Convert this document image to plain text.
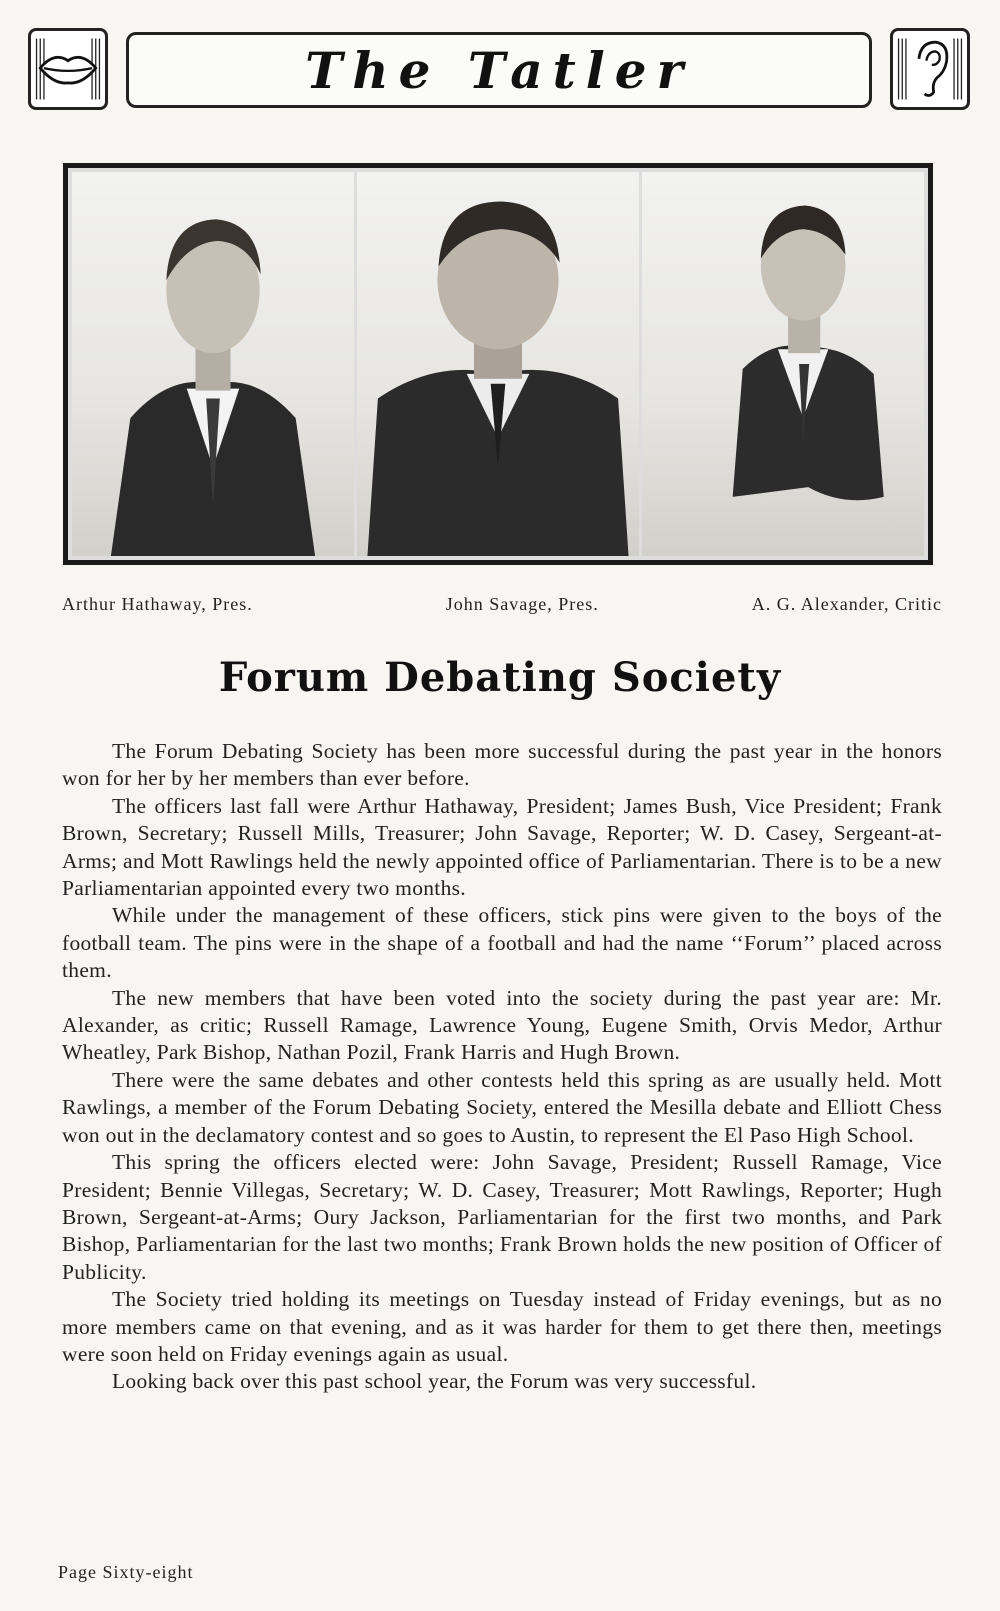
The Tatler
Arthur Hathaway, Pres.	John Savage, Pres.	A. G. Alexander, Critic
Forum Debating Society

The Forum Debating Society has been more successful during the past year in the honors won for her by her members than ever before.

The officers last fall were Arthur Hathaway, President; James Bush, Vice President; Frank Brown, Secretary; Russell Mills, Treasurer; John Savage, Reporter; W. D. Casey, Sergeant-at-Arms; and Mott Rawlings held the newly appointed office of Parliamentarian. There is to be a new Parliamentarian appointed every two months.

While under the management of these officers, stick pins were given to the boys of the football team. The pins were in the shape of a football and had the name ‘‘Forum’’ placed across them.

The new members that have been voted into the society during the past year are: Mr. Alexander, as critic; Russell Ramage, Lawrence Young, Eugene Smith, Orvis Medor, Arthur Wheatley, Park Bishop, Nathan Pozil, Frank Harris and Hugh Brown.

There were the same debates and other contests held this spring as are usually held. Mott Rawlings, a member of the Forum Debating Society, entered the Mesilla debate and Elliott Chess won out in the declamatory contest and so goes to Austin, to represent the El Paso High School.

This spring the officers elected were: John Savage, President; Russell Ramage, Vice President; Bennie Villegas, Secretary; W. D. Casey, Treasurer; Mott Rawlings, Reporter; Hugh Brown, Sergeant-at-Arms; Oury Jackson, Parliamentarian for the first two months, and Park Bishop, Parliamentarian for the last two months; Frank Brown holds the new position of Officer of Publicity.

The Society tried holding its meetings on Tuesday instead of Friday evenings, but as no more members came on that evening, and as it was harder for them to get there then, meetings were soon held on Friday evenings again as usual.

Looking back over this past school year, the Forum was very successful.

Page Sixty-eight
